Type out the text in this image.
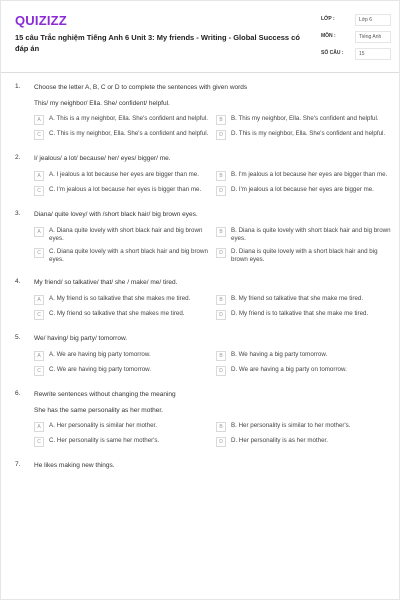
QUIZIZZ
15 câu Trắc nghiệm Tiếng Anh 6 Unit 3: My friends - Writing - Global Success có đáp án
LỚP :	Lớp 6
MÔN :	Tiếng Anh
SỐ CÂU :	15
1. Choose the letter A, B, C or D to complete the sentences with given words
This/ my neighbor/ Ella. She/ confident/ helpful.
A	A. This is a my neighbor, Ella. She's confident and helpful.	B	B. This my neighbor, Ella. She's confident and helpful.
C	C. This is my neighbor, Ella. She's a confident and helpful.	D	D. This is my neighbor, Ella. She's confident and helpful.
2. I/ jealous/ a lot/ because/ her/ eyes/ bigger/ me.
A	A. I jealous a lot because her eyes are bigger than me.	B	B. I'm jealous a lot because her eyes are bigger than me.
C	C. I'm jealous a lot because her eyes is bigger than me.	D	D. I'm jealous a lot because her eyes are bigger me.
3. Diana/ quite lovey/ with /short black hair/ big brown eyes.
A	A. Diana quite lovely with short black hair and big brown eyes.
B	B. Diana is quite lovely with short black hair and big brown eyes.
C	C. Diana quite lovely with a short black hair and big brown eyes.
D	D. Diana is quite lovely with a short black hair and big brown eyes.
4. My friend/ so talkative/ that/ she / make/ me/ tired.
A	A. My friend is so talkative that she makes me tired.	B	B. My friend so talkative that she make me tired.
C	C. My friend so talkative that she makes me tired.	D	D. My friend is to talkative that she make me tired.
5. We/ having/ big party/ tomorrow.
A	A. We are having big party tomorrow.	B	B. We having a big party tomorrow.
C	C. We are having big party tomorrow.	D	D. We are having a big party on tomorrow.
6. Rewrite sentences without changing the meaning
She has the same personality as her mother.
A	A. Her personality is similar her mother.	B	B. Her personality is similar to her mother's.
C	C. Her personality is same her mother's.	D	D. Her personality is as her mother.
7. He likes making new things.
